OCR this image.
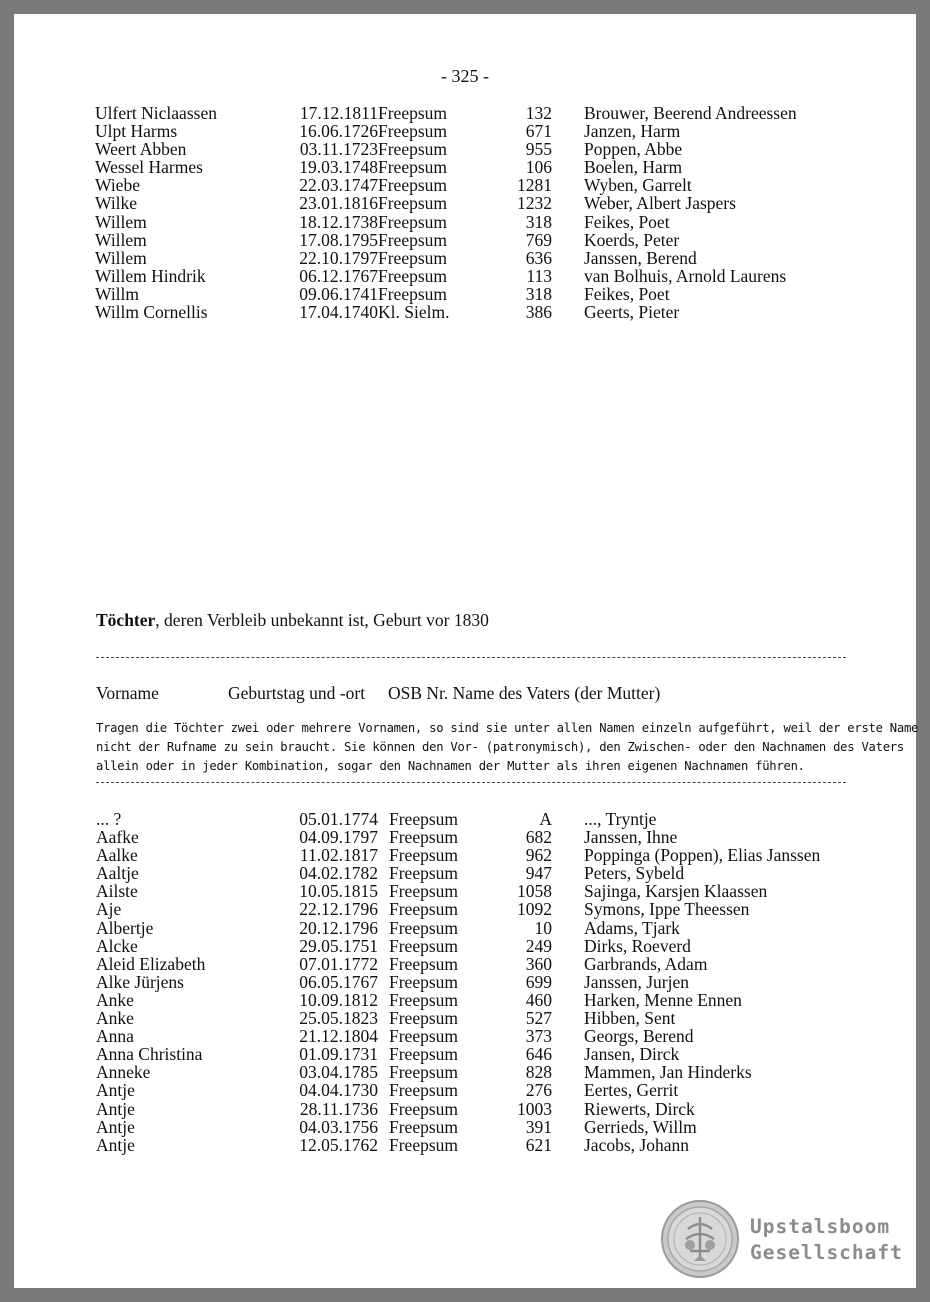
- 325 -
Ulfert Niclaassen	17.12.1811 Freepsum	132 Brouwer, Beerend Andreessen
Ulpt Harms	16.06.1726 Freepsum	671 Janzen, Harm
Weert Abben	03.11.1723 Freepsum	955 Poppen, Abbe
Wessel Harmes	19.03.1748 Freepsum	106 Boelen, Harm
Wiebe	22.03.1747 Freepsum	1281 Wyben, Garrelt
Wilke	23.01.1816 Freepsum	1232 Weber, Albert Jaspers
Willem	18.12.1738 Freepsum	318 Feikes, Poet
Willem	17.08.1795 Freepsum	769 Koerds, Peter
Willem	22.10.1797 Freepsum	636 Janssen, Berend
Willem Hindrik	06.12.1767 Freepsum	113 van Bolhuis, Arnold Laurens
Willm	09.06.1741 Freepsum	318 Feikes, Poet
Willm Cornellis	17.04.1740 Kl. Sielm.	386 Geerts, Pieter
Töchter, deren Verbleib unbekannt ist, Geburt vor 1830
Vorname	Geburtstag und -ort OSB Nr. Name des Vaters (der Mutter)
Tragen die Töchter zwei oder mehrere Vornamen, so sind sie unter allen Namen einzeln aufgeführt, weil der erste Name
nicht der Rufname zu sein braucht. Sie können den Vor- (patronymisch), den Zwischen- oder den Nachnamen des Vaters
allein oder in jeder Kombination, sogar den Nachnamen der Mutter als ihren eigenen Nachnamen führen.
... ?	05.01.1774 Freepsum	A ..., Tryntje
Aafke	04.09.1797 Freepsum	682 Janssen, Ihne
Aalke	11.02.1817 Freepsum	962 Poppinga (Poppen), Elias Janssen
Aaltje	04.02.1782 Freepsum	947 Peters, Sybeld
Ailste	10.05.1815 Freepsum	1058 Sajinga, Karsjen Klaassen
Aje	22.12.1796 Freepsum	1092 Symons, Ippe Theessen
Albertje	20.12.1796 Freepsum	10 Adams, Tjark
Alcke	29.05.1751 Freepsum	249 Dirks, Roeverd
Aleid Elizabeth	07.01.1772 Freepsum	360 Garbrands, Adam
Alke Jürjens	06.05.1767 Freepsum	699 Janssen, Jurjen
Anke	10.09.1812 Freepsum	460 Harken, Menne Ennen
Anke	25.05.1823 Freepsum	527 Hibben, Sent
Anna	21.12.1804 Freepsum	373 Georgs, Berend
Anna Christina	01.09.1731 Freepsum	646 Jansen, Dirck
Anneke	03.04.1785 Freepsum	828 Mammen, Jan Hinderks
Antje	04.04.1730 Freepsum	276 Eertes, Gerrit
Antje	28.11.1736 Freepsum	1003 Riewerts, Dirck
Antje	04.03.1756 Freepsum	391 Gerrieds, Willm
Antje	12.05.1762 Freepsum	621 Jacobs, Johann
Upstalsboom
Gesellschaft
